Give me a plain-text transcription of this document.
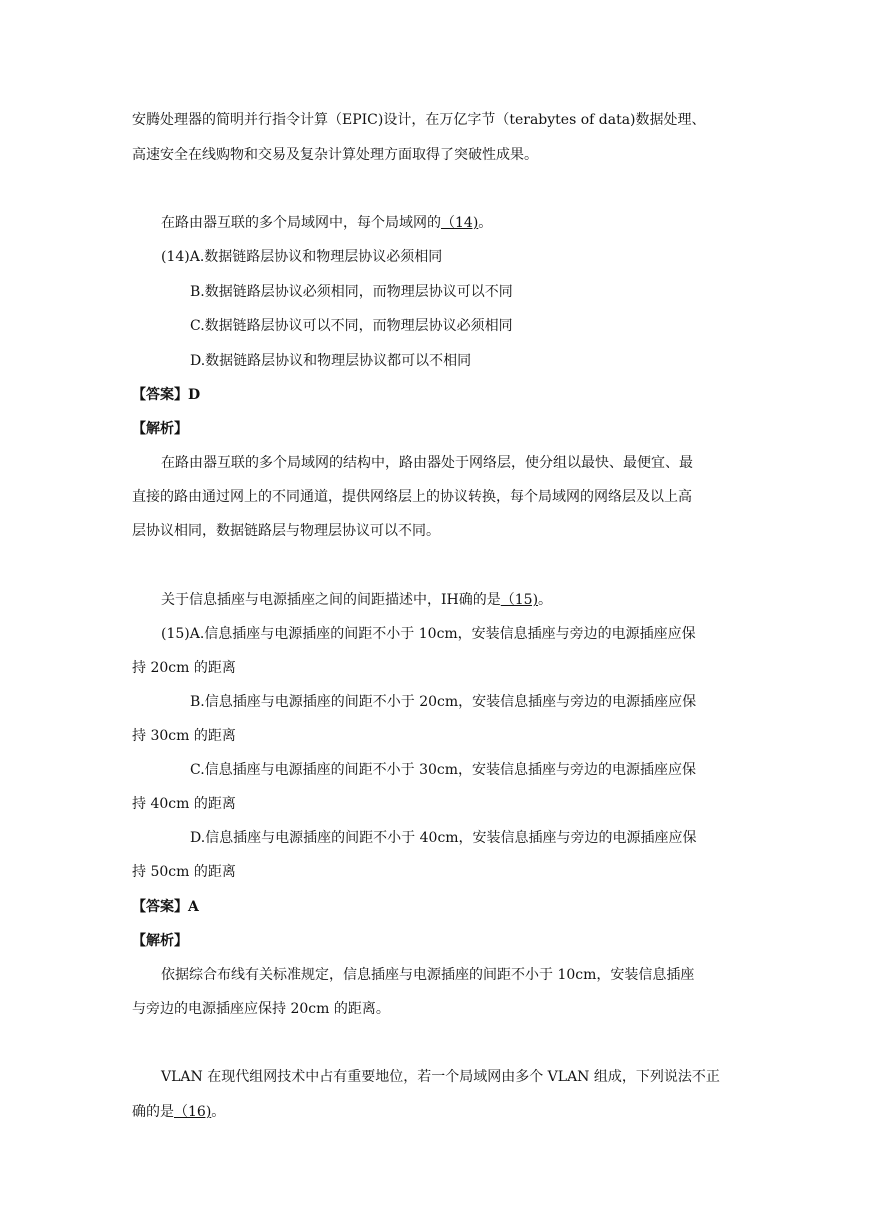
安腾处理器的简明并行指令计算（EPIC)设计，在万亿字节（terabytes of data)数据处理、
高速安全在线购物和交易及复杂计算处理方面取得了突破性成果。
在路由器互联的多个局域网中，每个局域网的（14)。
(14)A.数据链路层协议和物理层协议必须相同
B.数据链路层协议必须相同，而物理层协议可以不同
C.数据链路层协议可以不同，而物理层协议必须相同
D.数据链路层协议和物理层协议都可以不相同
【答案】D
【解析】
在路由器互联的多个局域网的结构中，路由器处于网络层，使分组以最快、最便宜、最
直接的路由通过网上的不同通道，提供网络层上的协议转换，每个局域网的网络层及以上高
层协议相同，数据链路层与物理层协议可以不同。
关于信息插座与电源插座之间的间距描述中，IH确的是（15)。
(15)A.信息插座与电源插座的间距不小于 10cm，安装信息插座与旁边的电源插座应保
持 20cm 的距离
B.信息插座与电源插座的间距不小于 20cm，安装信息插座与旁边的电源插座应保
持 30cm 的距离
C.信息插座与电源插座的间距不小于 30cm，安装信息插座与旁边的电源插座应保
持 40cm 的距离
D.信息插座与电源插座的间距不小于 40cm，安装信息插座与旁边的电源插座应保
持 50cm 的距离
【答案】A
【解析】
依据综合布线有关标准规定，信息插座与电源插座的间距不小于 10cm，安装信息插座
与旁边的电源插座应保持 20cm 的距离。
VLAN 在现代组网技术中占有重要地位，若一个局域网由多个 VLAN 组成，下列说法不正
确的是（16)。
